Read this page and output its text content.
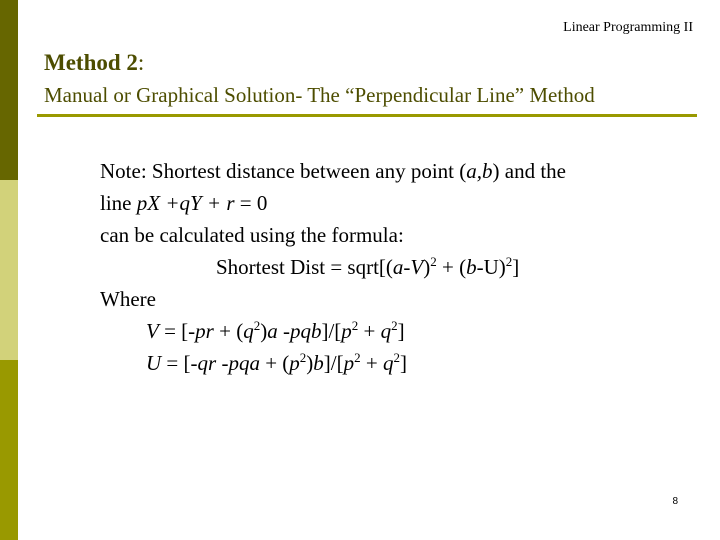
Linear Programming II
Method 2:
Manual or Graphical Solution- The “Perpendicular Line” Method
Note: Shortest distance between any point (a,b) and the
line pX +qY + r = 0
can be calculated using the formula:
Shortest Dist = $sqrt[(a-V)^2 + (b-U)^2]$
Where
$V = [-pr + (q^2)a$ $-pqb]/[p^2 + q^2]$
U = [-qr $-pqa + (p^2)b]/[p^2 + q^2]$
8
